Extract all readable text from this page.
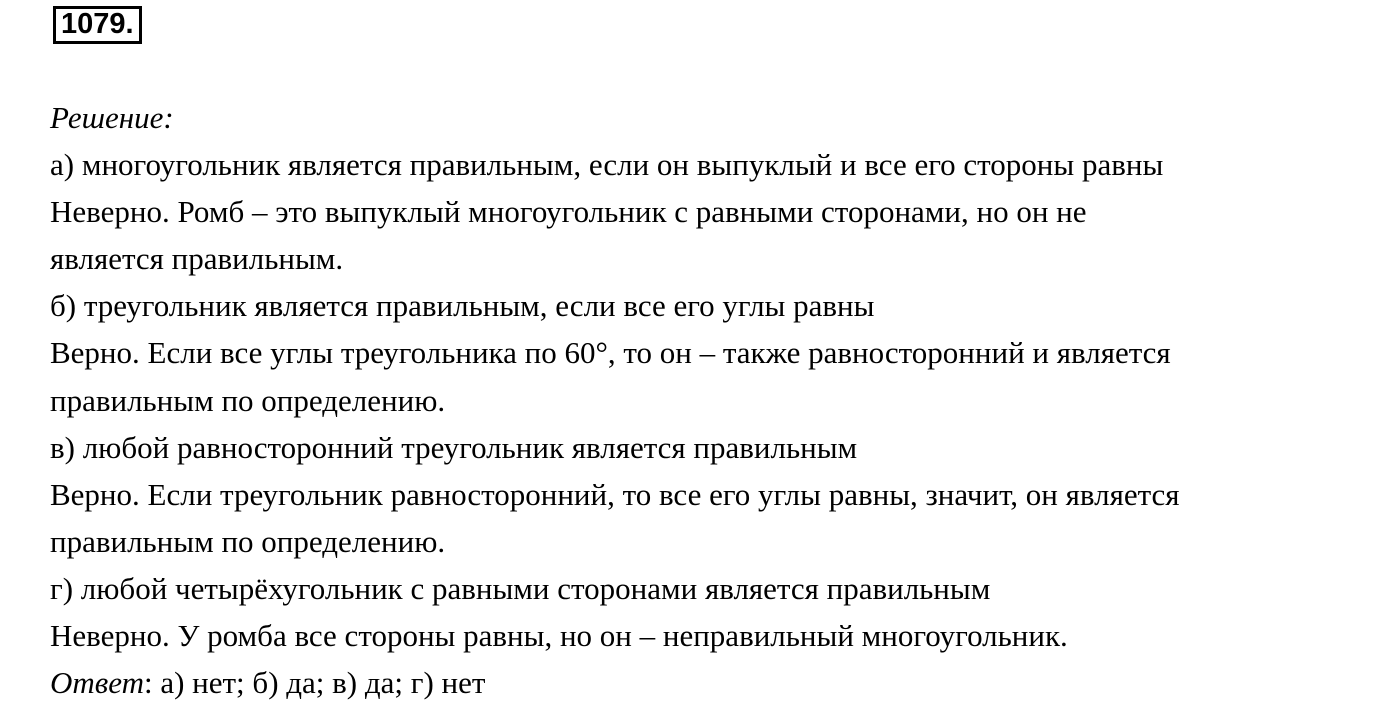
1079.
Решение:
а) многоугольник является правильным, если он выпуклый и все его стороны равны
Неверно. Ромб – это выпуклый многоугольник с равными сторонами, но он не
является правильным.
б) треугольник является правильным, если все его углы равны
Верно. Если все углы треугольника по 60°, то он – также равносторонний и является
правильным по определению.
в) любой равносторонний треугольник является правильным
Верно. Если треугольник равносторонний, то все его углы равны, значит, он является
правильным по определению.
г) любой четырёхугольник с равными сторонами является правильным
Неверно. У ромба все стороны равны, но он – неправильный многоугольник.
Ответ: а) нет; б) да; в) да; г) нет
